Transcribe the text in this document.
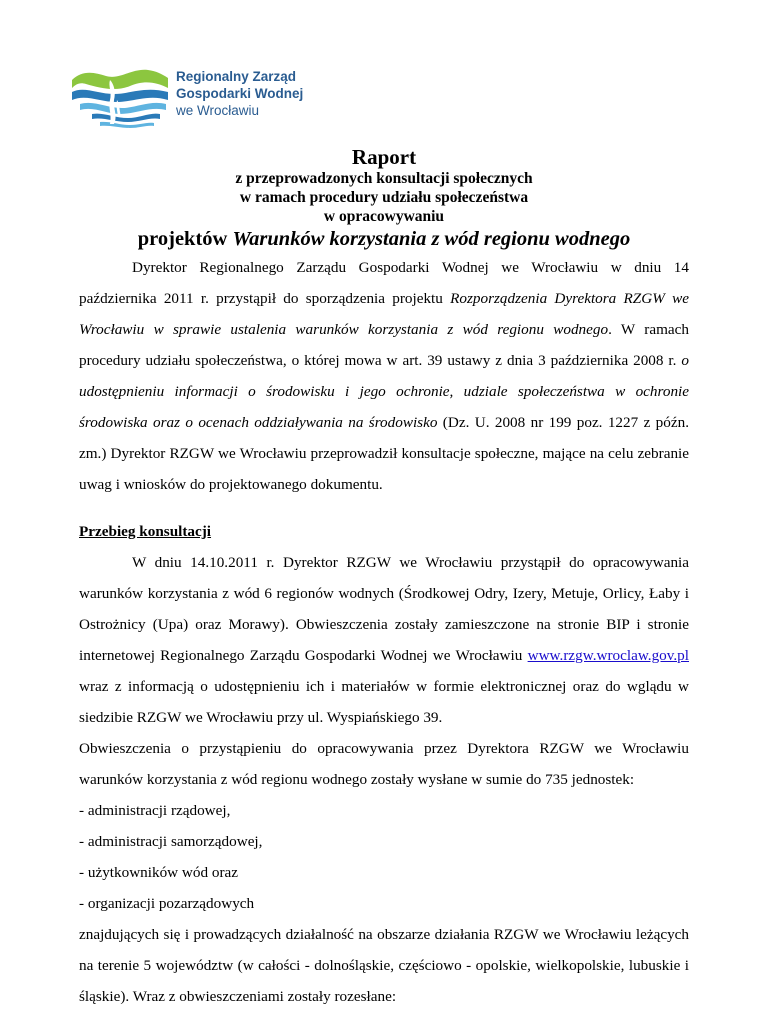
Regionalny Zarząd
Gospodarki Wodnej
we Wrocławiu

Raport

z przeprowadzonych konsultacji społecznych

w ramach procedury udziału społeczeństwa

w opracowywaniu

projektów Warunków korzystania z wód regionu wodnego

Dyrektor Regionalnego Zarządu Gospodarki Wodnej we Wrocławiu w dniu 14 października 2011 r. przystąpił do sporządzenia projektu Rozporządzenia Dyrektora RZGW we Wrocławiu w sprawie ustalenia warunków korzystania z wód regionu wodnego. W ramach procedury udziału społeczeństwa, o której mowa w art. 39 ustawy z dnia 3 października 2008 r. o udostępnieniu informacji o środowisku i jego ochronie, udziale społeczeństwa w ochronie środowiska oraz o ocenach oddziaływania na środowisko (Dz. U. 2008 nr 199 poz. 1227 z późn. zm.) Dyrektor RZGW we Wrocławiu przeprowadził konsultacje społeczne, mające na celu zebranie uwag i wniosków do projektowanego dokumentu.

Przebieg konsultacji

W dniu 14.10.2011 r. Dyrektor RZGW we Wrocławiu przystąpił do opracowywania warunków korzystania z wód 6 regionów wodnych (Środkowej Odry, Izery, Metuje, Orlicy, Łaby i Ostrożnicy (Upa) oraz Morawy). Obwieszczenia zostały zamieszczone na stronie BIP i stronie internetowej Regionalnego Zarządu Gospodarki Wodnej we Wrocławiu www.rzgw.wroclaw.gov.pl wraz z informacją o udostępnieniu ich i materiałów w formie elektronicznej oraz do wglądu w siedzibie RZGW we Wrocławiu przy ul. Wyspiańskiego 39.

Obwieszczenia o przystąpieniu do opracowywania przez Dyrektora RZGW we Wrocławiu warunków korzystania z wód regionu wodnego zostały wysłane w sumie do 735 jednostek:

- administracji rządowej,

- administracji samorządowej,

- użytkowników wód oraz

- organizacji pozarządowych

znajdujących się i prowadzących działalność na obszarze działania RZGW we Wrocławiu leżących na terenie 5 województw (w całości - dolnośląskie, częściowo - opolskie, wielkopolskie, lubuskie i śląskie). Wraz z obwieszczeniami zostały rozesłane:
